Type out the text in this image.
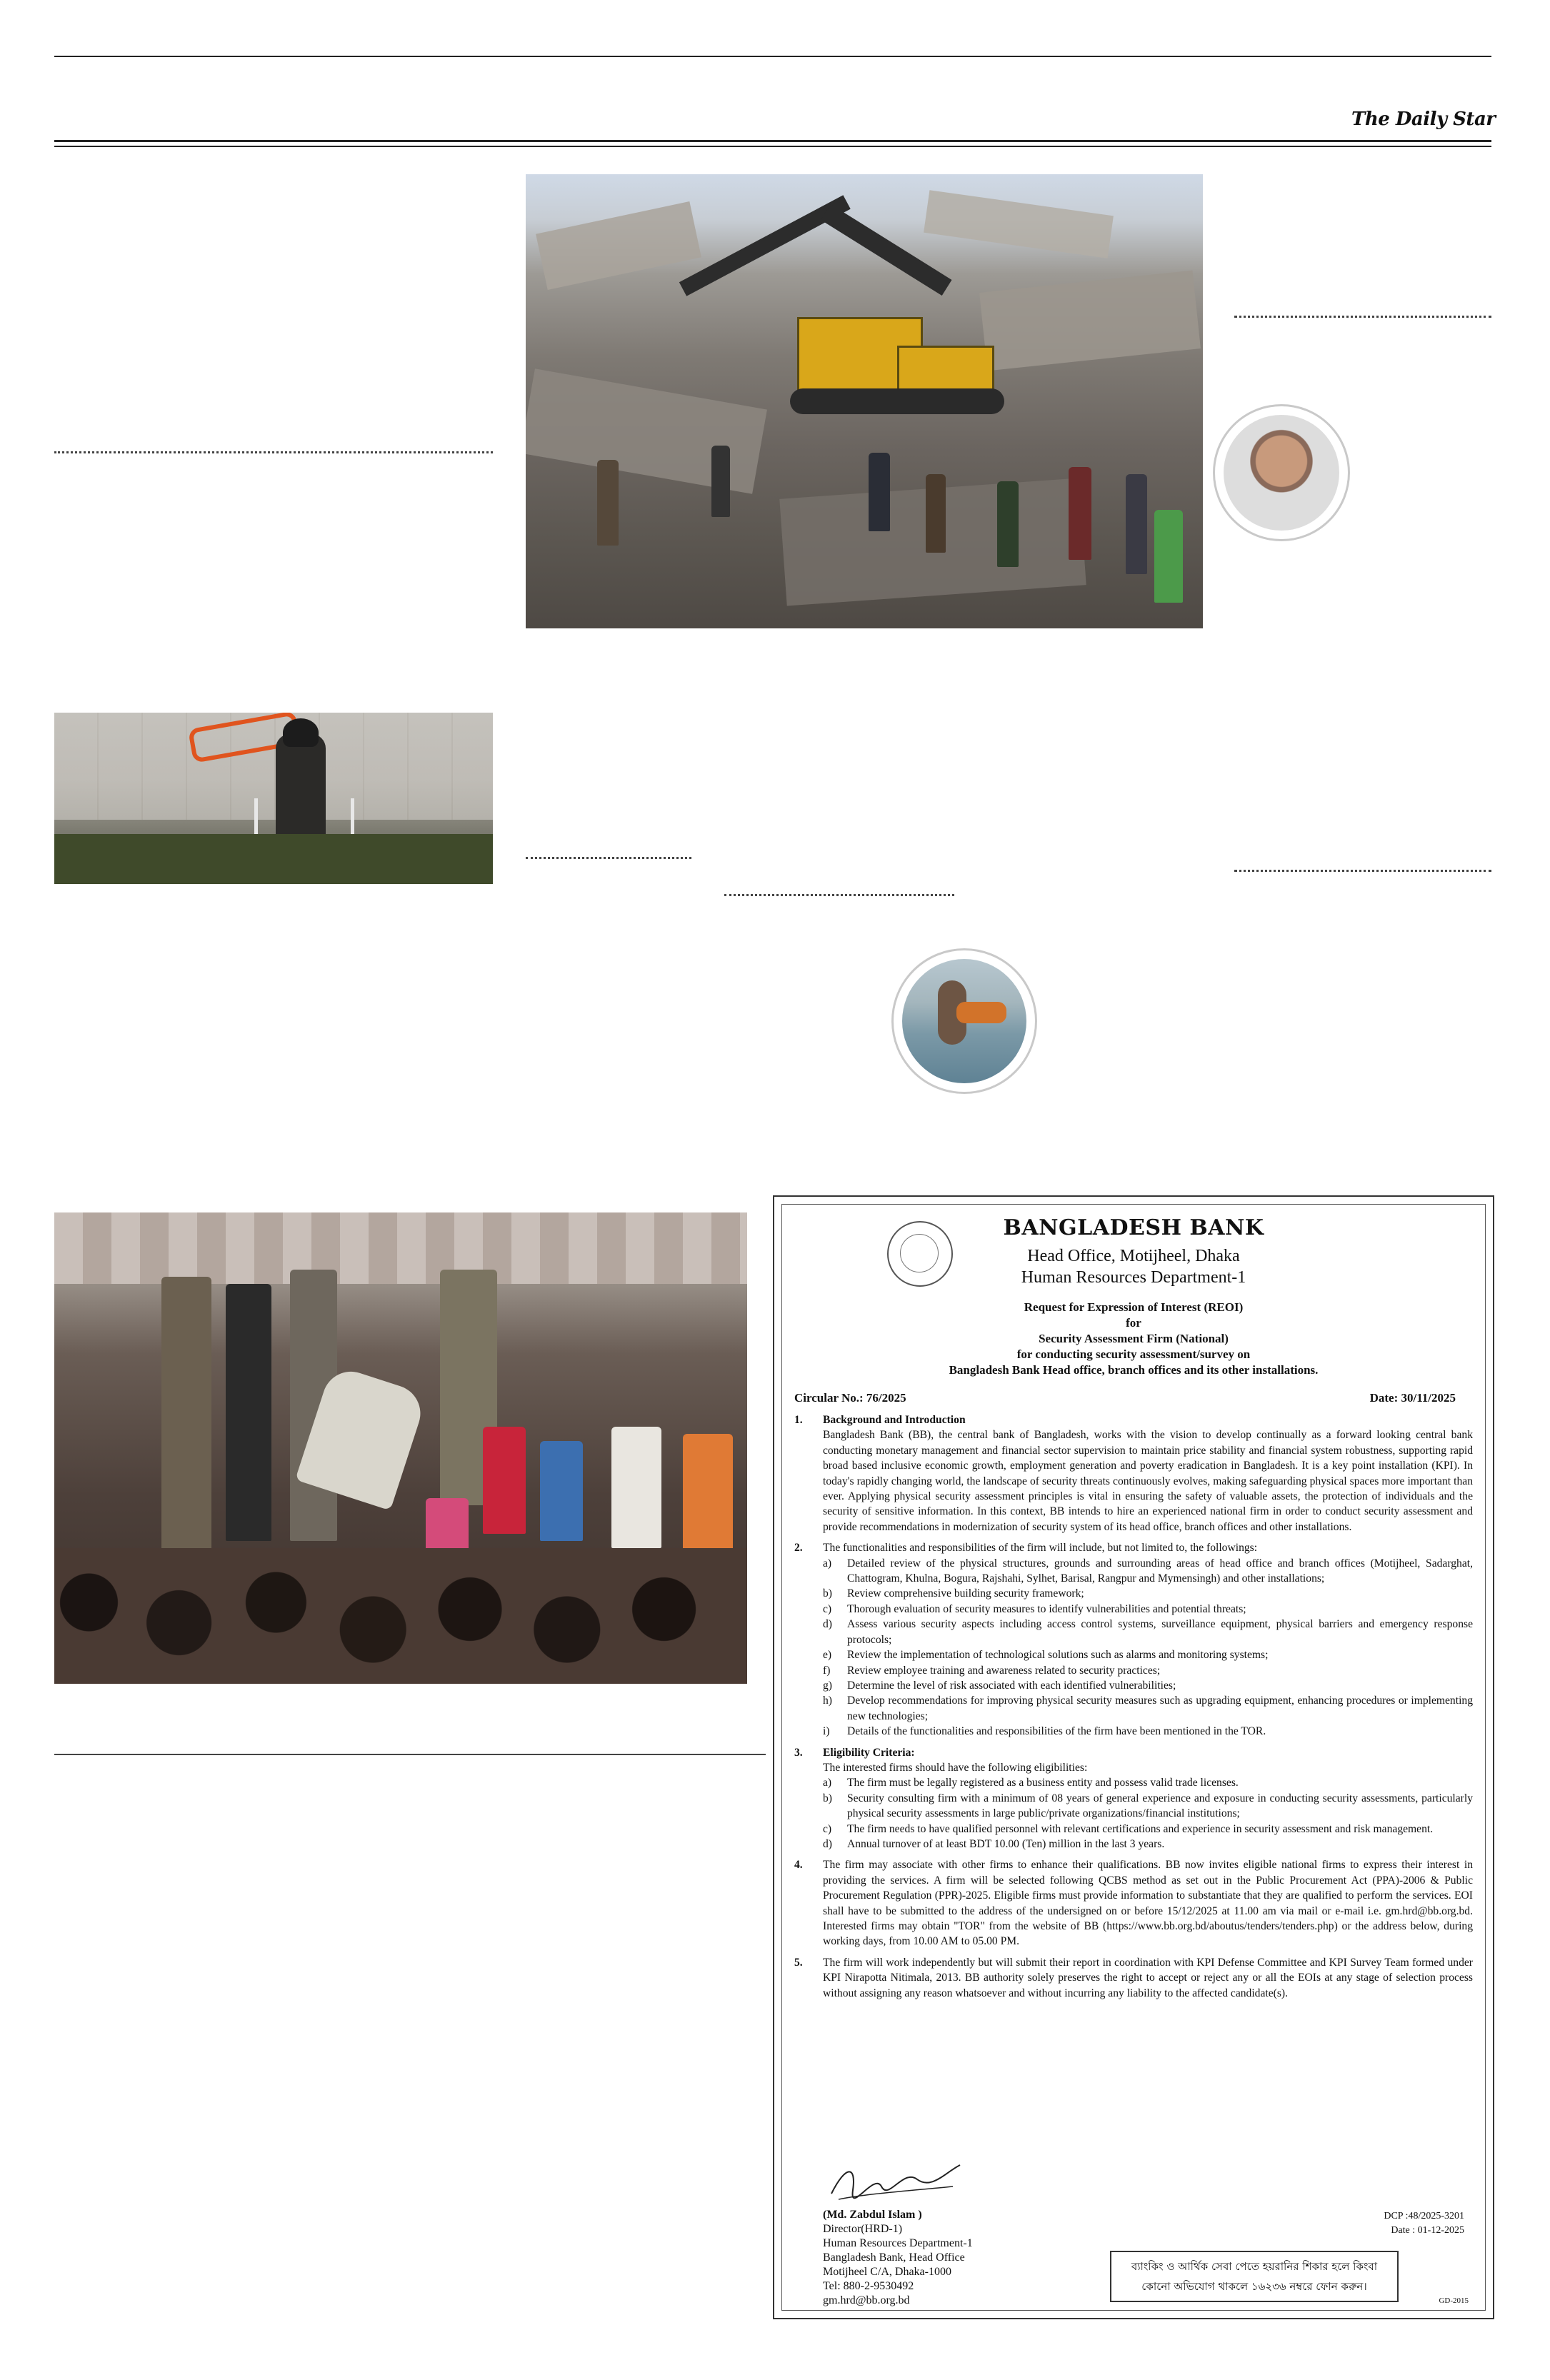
The Daily Star
BANGLADESH BANK
Head Office, Motijheel, Dhaka
Human Resources Department-1
Request for Expression of Interest (REOI)
for
Security Assessment Firm (National)
for conducting security assessment/survey on
Bangladesh Bank Head office, branch offices and its other installations.
Circular No.: 76/2025	Date: 30/11/2025
1. Background and Introduction
Bangladesh Bank (BB), the central bank of Bangladesh, works with the vision to develop continually as a forward looking central bank conducting monetary management and financial sector supervision to maintain price stability and financial system robustness, supporting rapid broad based inclusive economic growth, employment generation and poverty eradication in Bangladesh. It is a key point installation (KPI). In today's rapidly changing world, the landscape of security threats continuously evolves, making safeguarding physical spaces more important than ever. Applying physical security assessment principles is vital in ensuring the safety of valuable assets, the protection of individuals and the security of sensitive information. In this context, BB intends to hire an experienced national firm in order to conduct security assessment and provide recommendations in modernization of security system of its head office, branch offices and other installations.
2. The functionalities and responsibilities of the firm will include, but not limited to, the followings:
a) Detailed review of the physical structures, grounds and surrounding areas of head office and branch offices (Motijheel, Sadarghat, Chattogram, Khulna, Bogura, Rajshahi, Sylhet, Barisal, Rangpur and Mymensingh) and other installations;
b) Review comprehensive building security framework;
c) Thorough evaluation of security measures to identify vulnerabilities and potential threats;
d) Assess various security aspects including access control systems, surveillance equipment, physical barriers and emergency response protocols;
e) Review the implementation of technological solutions such as alarms and monitoring systems;
f) Review employee training and awareness related to security practices;
g) Determine the level of risk associated with each identified vulnerabilities;
h) Develop recommendations for improving physical security measures such as upgrading equipment, enhancing procedures or implementing new technologies;
i) Details of the functionalities and responsibilities of the firm have been mentioned in the TOR.
3. Eligibility Criteria:
The interested firms should have the following eligibilities:
a) The firm must be legally registered as a business entity and possess valid trade licenses.
b) Security consulting firm with a minimum of 08 years of general experience and exposure in conducting security assessments, particularly physical security assessments in large public/private organizations/financial institutions;
c) The firm needs to have qualified personnel with relevant certifications and experience in security assessment and risk management.
d) Annual turnover of at least BDT 10.00 (Ten) million in the last 3 years.
4. The firm may associate with other firms to enhance their qualifications. BB now invites eligible national firms to express their interest in providing the services. A firm will be selected following QCBS method as set out in the Public Procurement Act (PPA)-2006 & Public Procurement Regulation (PPR)-2025. Eligible firms must provide information to substantiate that they are qualified to perform the services. EOI shall have to be submitted to the address of the undersigned on or before 15/12/2025 at 11.00 am via mail or e-mail i.e. gm.hrd@bb.org.bd. Interested firms may obtain "TOR" from the website of BB (https://www.bb.org.bd/aboutus/tenders/tenders.php) or the address below, during working days, from 10.00 AM to 05.00 PM.
5. The firm will work independently but will submit their report in coordination with KPI Defense Committee and KPI Survey Team formed under KPI Nirapotta Nitimala, 2013. BB authority solely preserves the right to accept or reject any or all the EOIs at any stage of selection process without assigning any reason whatsoever and without incurring any liability to the affected candidate(s).
(Md. Zabdul Islam )
Director(HRD-1)
Human Resources Department-1
Bangladesh Bank, Head Office
Motijheel C/A, Dhaka-1000
Tel: 880-2-9530492
gm.hrd@bb.org.bd
DCP :48/2025-3201
Date : 01-12-2025
ব্যাংকিং ও আর্থিক সেবা পেতে হয়রানির শিকার হলে কিংবা
কোনো অভিযোগ থাকলে ১৬২৩৬ নম্বরে ফোন করুন।
GD-2015
